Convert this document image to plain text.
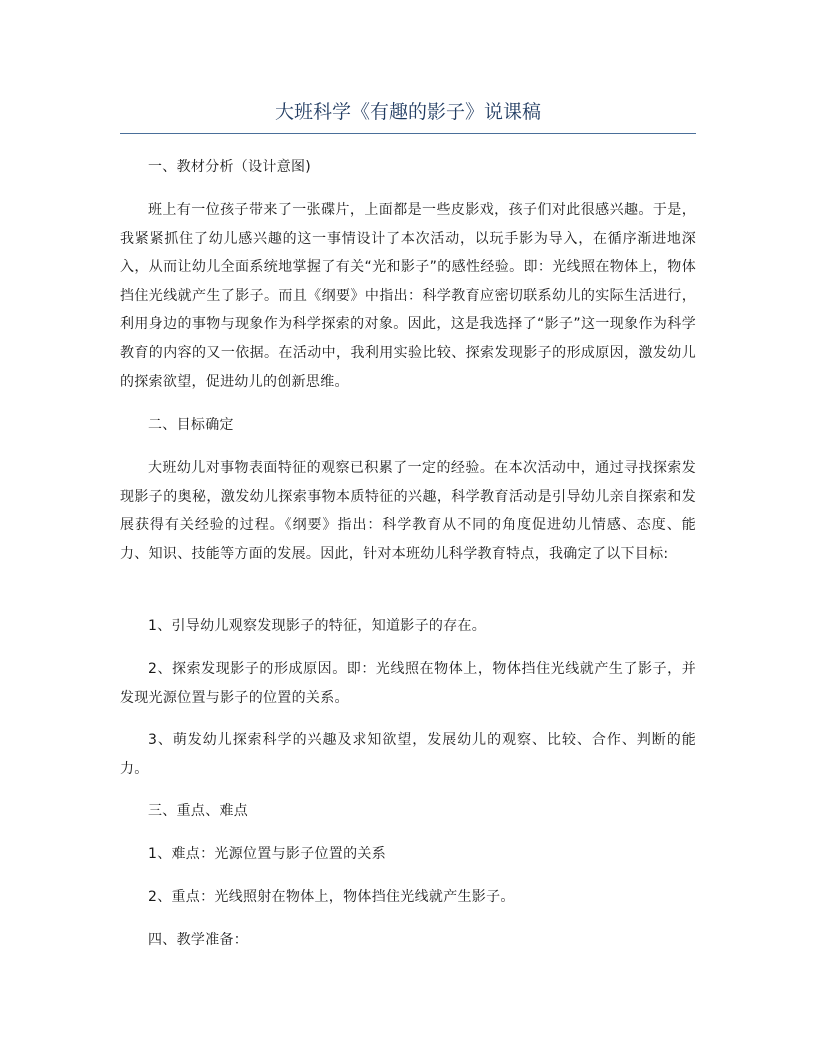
大班科学《有趣的影子》说课稿

一、教材分析（设计意图)

班上有一位孩子带来了一张碟片，上面都是一些皮影戏，孩子们对此很感兴趣。于是，我紧紧抓住了幼儿感兴趣的这一事情设计了本次活动，以玩手影为导入，在循序渐进地深入，从而让幼儿全面系统地掌握了有关“光和影子”的感性经验。即：光线照在物体上，物体挡住光线就产生了影子。而且《纲要》中指出：科学教育应密切联系幼儿的实际生活进行，利用身边的事物与现象作为科学探索的对象。因此，这是我选择了“影子”这一现象作为科学教育的内容的又一依据。在活动中，我利用实验比较、探索发现影子的形成原因，激发幼儿的探索欲望，促进幼儿的创新思维。

二、目标确定

大班幼儿对事物表面特征的观察已积累了一定的经验。在本次活动中，通过寻找探索发现影子的奥秘，激发幼儿探索事物本质特征的兴趣，科学教育活动是引导幼儿亲自探索和发展获得有关经验的过程。《纲要》指出：科学教育从不同的角度促进幼儿情感、态度、能力、知识、技能等方面的发展。因此，针对本班幼儿科学教育特点，我确定了以下目标:

1、引导幼儿观察发现影子的特征，知道影子的存在。

2、探索发现影子的形成原因。即：光线照在物体上，物体挡住光线就产生了影子，并发现光源位置与影子的位置的关系。

3、萌发幼儿探索科学的兴趣及求知欲望，发展幼儿的观察、比较、合作、判断的能力。

三、重点、难点

1、难点：光源位置与影子位置的关系

2、重点：光线照射在物体上，物体挡住光线就产生影子。

四、教学准备：
